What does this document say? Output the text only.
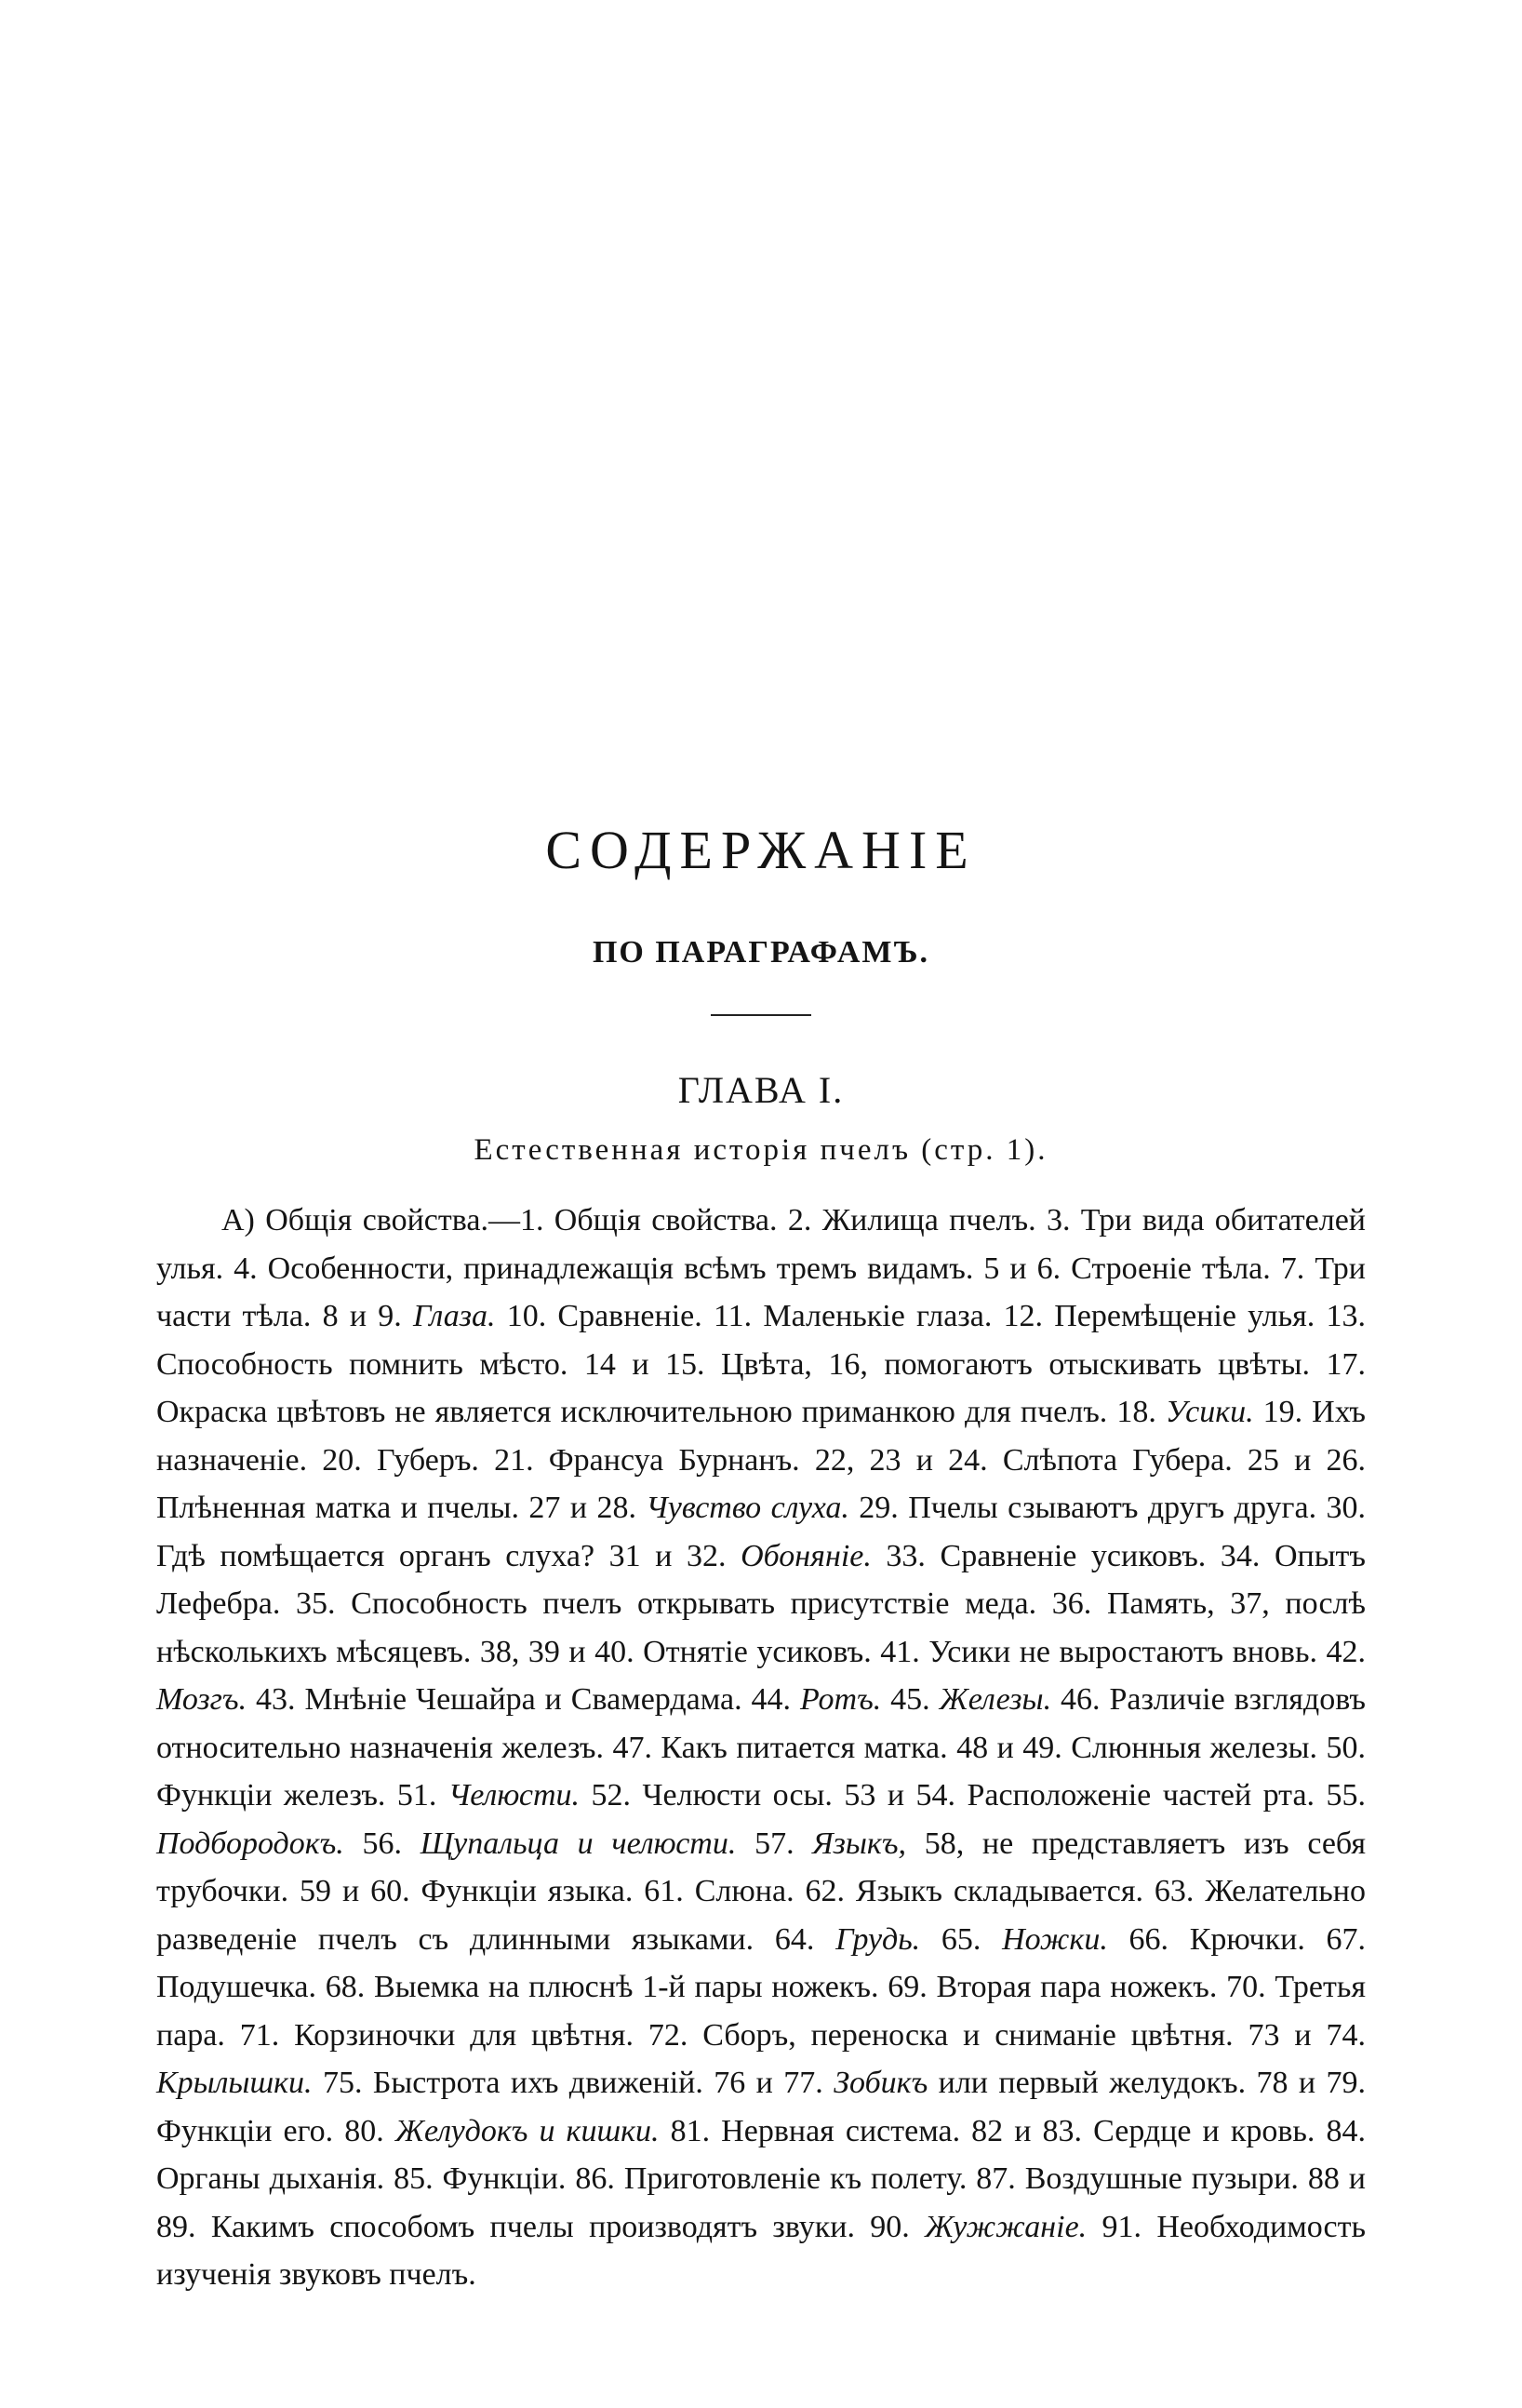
СОДЕРЖАНІЕ
ПО ПАРАГРАФАМЪ.
ГЛАВА I.
Естественная исторія пчелъ (стр. 1).

A) Общія свойства.—1. Общія свойства. 2. Жилища пчелъ. 3. Три вида обитателей улья. 4. Особенности, принадлежащія всѣмъ тремъ видамъ. 5 и 6. Строеніе тѣла. 7. Три части тѣла. 8 и 9. Глаза. 10. Сравненіе. 11. Маленькіе глаза. 12. Перемѣщеніе улья. 13. Способность помнить мѣсто. 14 и 15. Цвѣта, 16, помогаютъ отыскивать цвѣты. 17. Окраска цвѣтовъ не является исключительною приманкою для пчелъ. 18. Усики. 19. Ихъ назначеніе. 20. Губеръ. 21. Франсуа Бурнанъ. 22, 23 и 24. Слѣпота Губера. 25 и 26. Плѣненная матка и пчелы. 27 и 28. Чувство слуха. 29. Пчелы сзываютъ другъ друга. 30. Гдѣ помѣщается органъ слуха? 31 и 32. Обоняніе. 33. Сравненіе усиковъ. 34. Опытъ Лефебра. 35. Способность пчелъ открывать присутствіе меда. 36. Память, 37, послѣ нѣсколькихъ мѣсяцевъ. 38, 39 и 40. Отнятіе усиковъ. 41. Усики не выростаютъ вновь. 42. Мозгъ. 43. Мнѣніе Чешайра и Свамердама. 44. Ротъ. 45. Железы. 46. Различіе взглядовъ относительно назначенія железъ. 47. Какъ питается матка. 48 и 49. Слюнныя железы. 50. Функціи железъ. 51. Челюсти. 52. Челюсти осы. 53 и 54. Расположеніе частей рта. 55. Подбородокъ. 56. Щупальца и челюсти. 57. Языкъ, 58, не представляетъ изъ себя трубочки. 59 и 60. Функціи языка. 61. Слюна. 62. Языкъ складывается. 63. Желательно разведеніе пчелъ съ длинными языками. 64. Грудь. 65. Ножки. 66. Крючки. 67. Подушечка. 68. Выемка на плюснѣ 1-й пары ножекъ. 69. Вторая пара ножекъ. 70. Третья пара. 71. Корзиночки для цвѣтня. 72. Сборъ, переноска и сниманіе цвѣтня. 73 и 74. Крылышки. 75. Быстрота ихъ движеній. 76 и 77. Зобикъ или первый желудокъ. 78 и 79. Функціи его. 80. Желудокъ и кишки. 81. Нервная система. 82 и 83. Сердце и кровь. 84. Органы дыханія. 85. Функціи. 86. Приготовленіе къ полету. 87. Воздушные пузыри. 88 и 89. Какимъ способомъ пчелы производятъ звуки. 90. Жужжаніе. 91. Необходимость изученія звуковъ пчелъ.
